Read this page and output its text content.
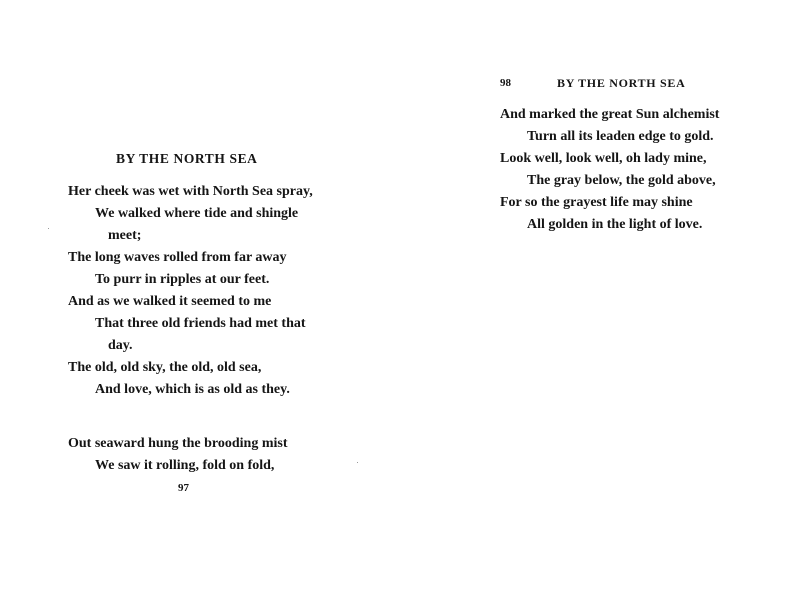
BY THE NORTH SEA
98	BY THE NORTH SEA
Her cheek was wet with North Sea spray,
We walked where tide and shingle
meet;
The long waves rolled from far away
To purr in ripples at our feet.
And as we walked it seemed to me
That three old friends had met that
day.
The old, old sky, the old, old sea,
And love, which is as old as they.
Out seaward hung the brooding mist
We saw it rolling, fold on fold,
97
And marked the great Sun alchemist
Turn all its leaden edge to gold.
Look well, look well, oh lady mine,
The gray below, the gold above,
For so the grayest life may shine
All golden in the light of love.
